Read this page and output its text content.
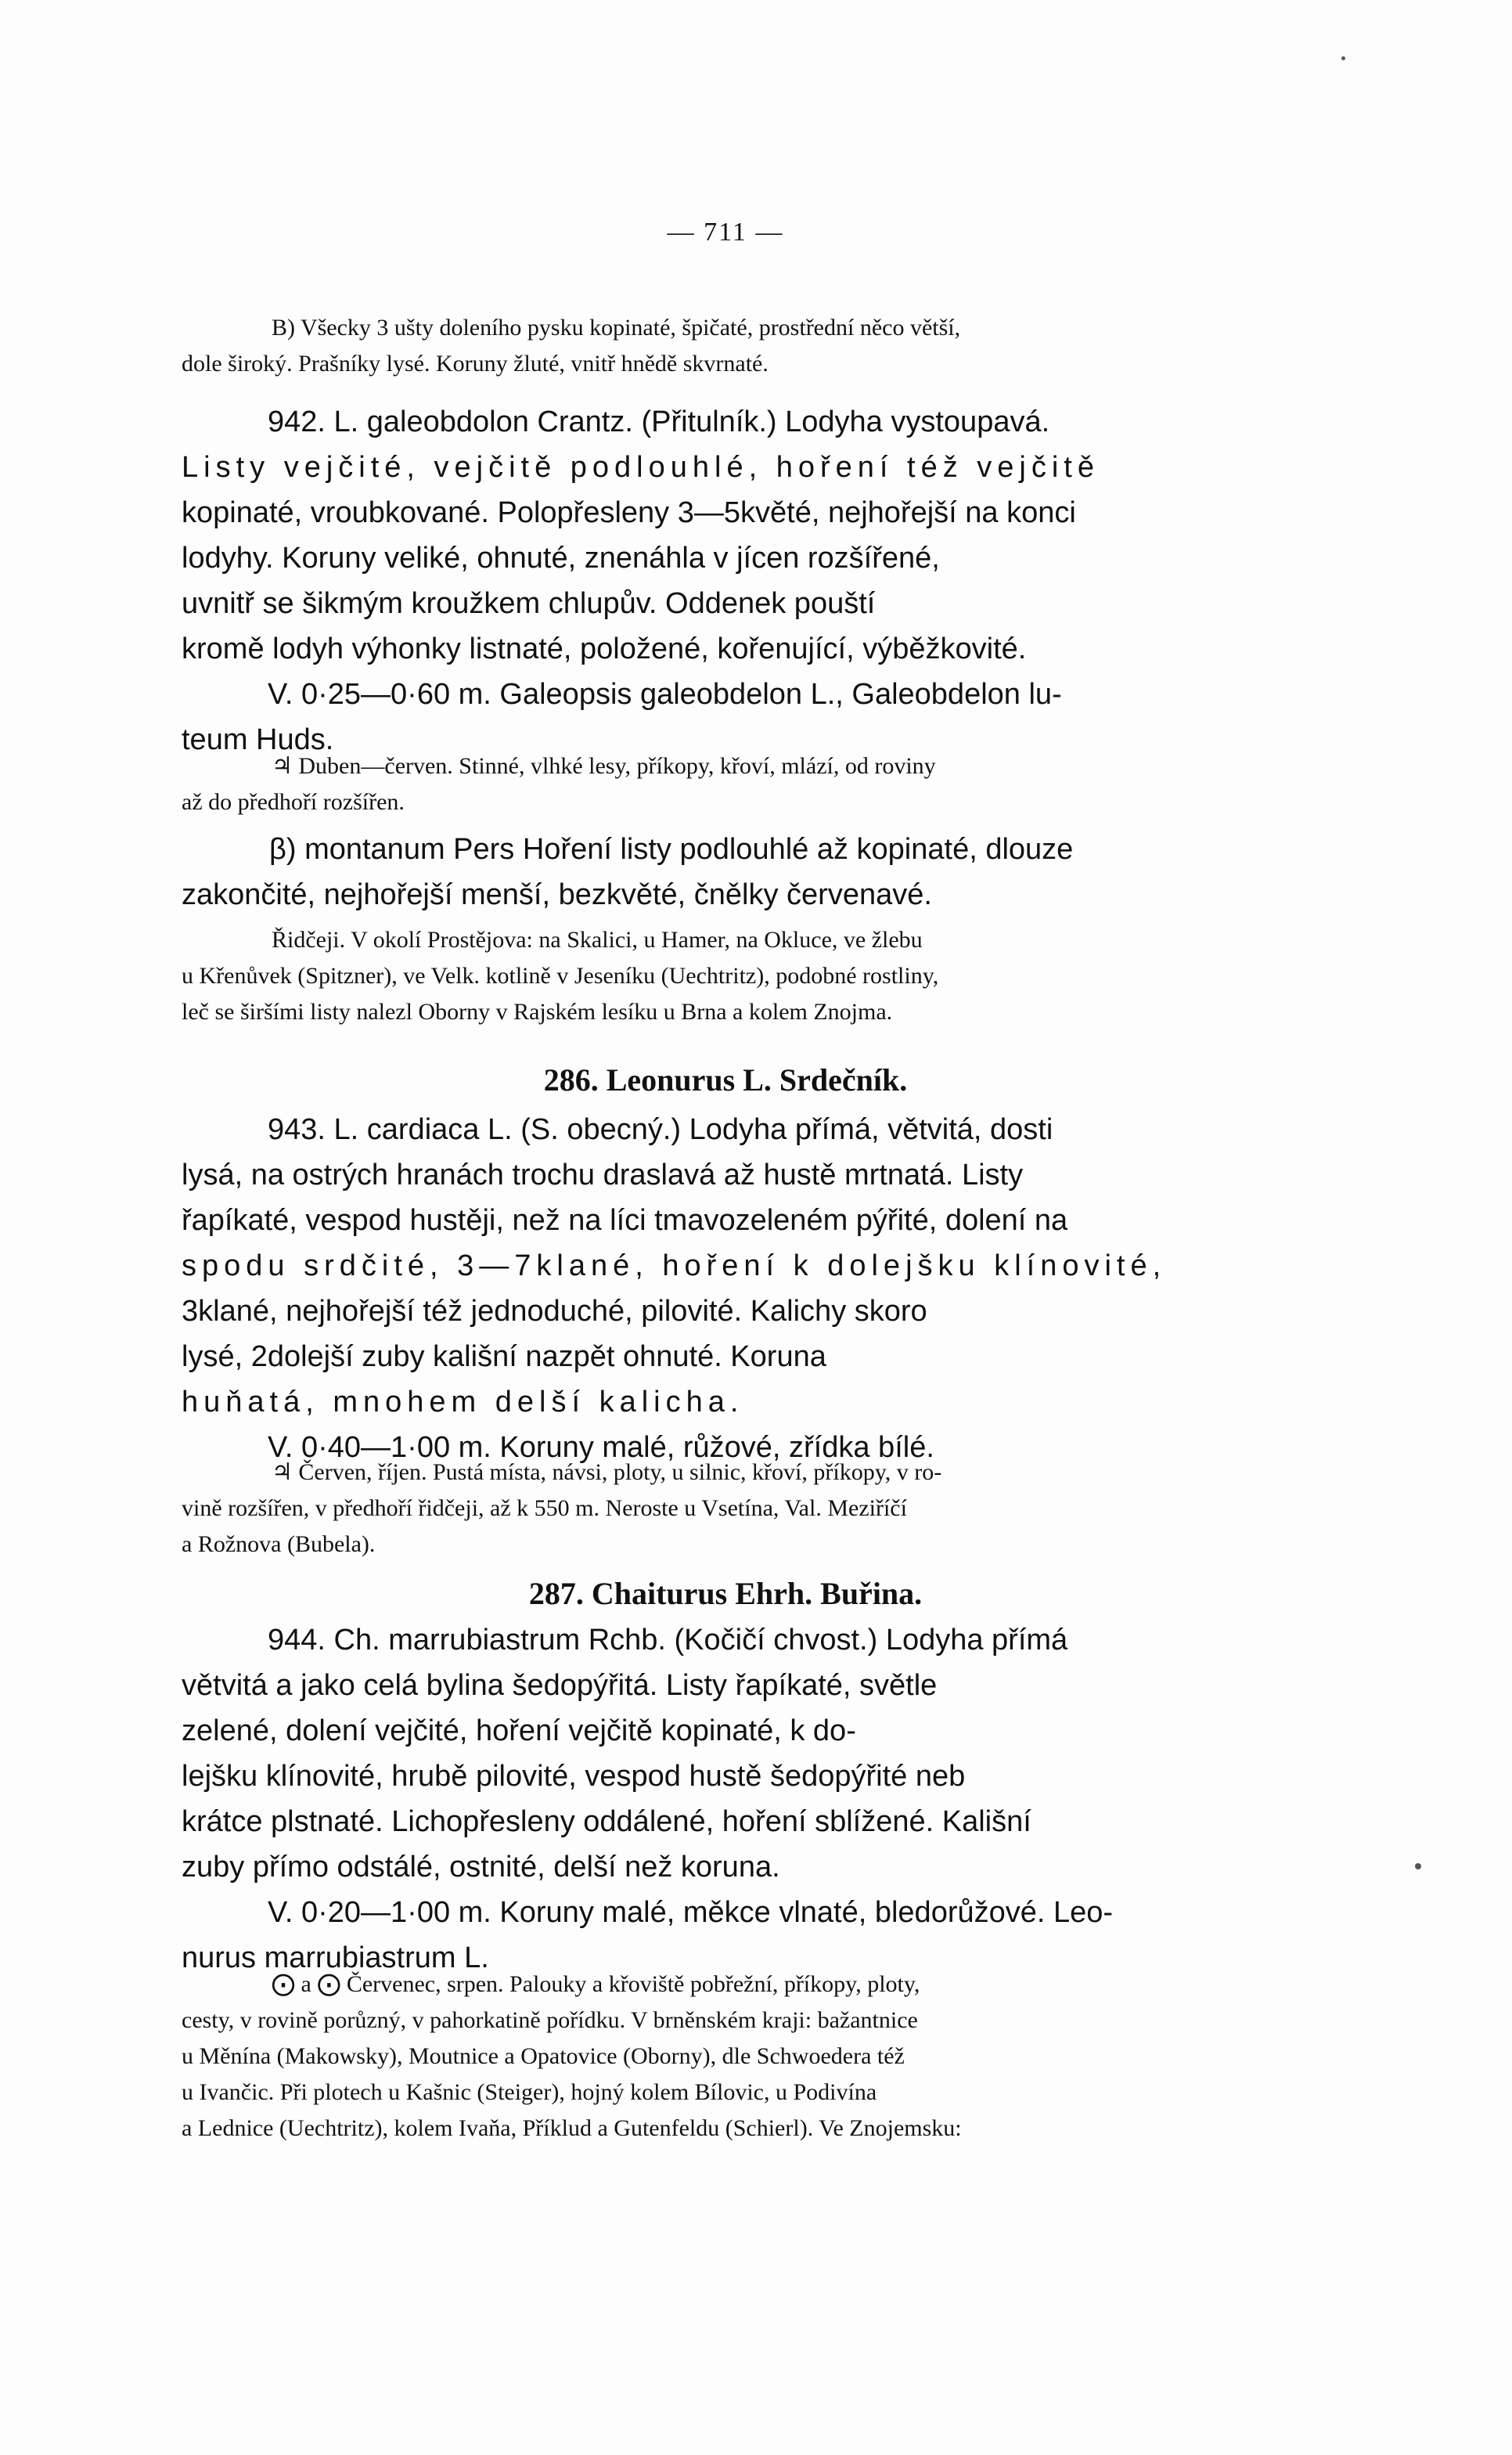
— 711 —
B) Všecky 3 ušty doleního pysku kopinaté, špičaté, prostřední něco větší,
dole široký. Prašníky lysé. Koruny žluté, vnitř hnědě skvrnaté.
942. L. galeobdolon Crantz. (Přitulník.) Lodyha vystoupavá.
Listy vejčité, vejčitě podlouhlé, hoření též vejčitě
kopinaté, vroubkované. Polopřesleny 3—5květé, nejhořejší na konci
lodyhy. Koruny veliké, ohnuté, znenáhla v jícen rozšířené,
uvnitř se šikmým kroužkem chlupův. Oddenek pouští
kromě lodyh výhonky listnaté, položené, kořenující, výběžkovité.
V. 0·25—0·60 m. Galeopsis galeobdelon L., Galeobdelon lu-
teum Huds.
♃ Duben—červen. Stinné, vlhké lesy, příkopy, křoví, mlází, od roviny
až do předhoří rozšířen.
β) montanum Pers Hoření listy podlouhlé až kopinaté, dlouze
zakončité, nejhořejší menší, bezkvěté, čnělky červenavé.
Řidčeji. V okolí Prostějova: na Skalici, u Hamer, na Okluce, ve žlebu
u Křenůvek (Spitzner), ve Velk. kotlině v Jeseníku (Uechtritz), podobné rostliny,
leč se širšími listy nalezl Oborny v Rajském lesíku u Brna a kolem Znojma.
286. Leonurus L. Srdečník.
943. L. cardiaca L. (S. obecný.) Lodyha přímá, větvitá, dosti
lysá, na ostrých hranách trochu draslavá až hustě mrtnatá. Listy
řapíkaté, vespod hustěji, než na líci tmavozeleném pýřité, dolení na
spodu srdčité, 3—7klané, hoření k dolejšku klínovité,
3klané, nejhořejší též jednoduché, pilovité. Kalichy skoro
lysé, 2dolejší zuby kališní nazpět ohnuté. Koruna
huňatá, mnohem delší kalicha.
V. 0·40—1·00 m. Koruny malé, růžové, zřídka bílé.
♃ Červen, říjen. Pustá místa, návsi, ploty, u silnic, křoví, příkopy, v ro-
vině rozšířen, v předhoří řidčeji, až k 550 m. Neroste u Vsetína, Val. Meziříčí
a Rožnova (Bubela).
287. Chaiturus Ehrh. Buřina.
944. Ch. marrubiastrum Rchb. (Kočičí chvost.) Lodyha přímá
větvitá a jako celá bylina šedopýřitá. Listy řapíkaté, světle
zelené, dolení vejčité, hoření vejčitě kopinaté, k do-
lejšku klínovité, hrubě pilovité, vespod hustě šedopýřité neb
krátce plstnaté. Lichopřesleny oddálené, hoření sblížené. Kališní
zuby přímo odstálé, ostnité, delší než koruna.
V. 0·20—1·00 m. Koruny malé, měkce vlnaté, bledorůžové. Leo-
nurus marrubiastrum L.
⨀ a ⨀ Červenec, srpen. Palouky a křoviště pobřežní, příkopy, ploty,
cesty, v rovině porůzný, v pahorkatině pořídku. V brněnském kraji: bažantnice
u Měnína (Makowsky), Moutnice a Opatovice (Oborny), dle Schwoedera též
u Ivančic. Při plotech u Kašnic (Steiger), hojný kolem Bílovic, u Podivína
a Lednice (Uechtritz), kolem Ivaňa, Příklud a Gutenfeldu (Schierl). Ve Znojemsku:
